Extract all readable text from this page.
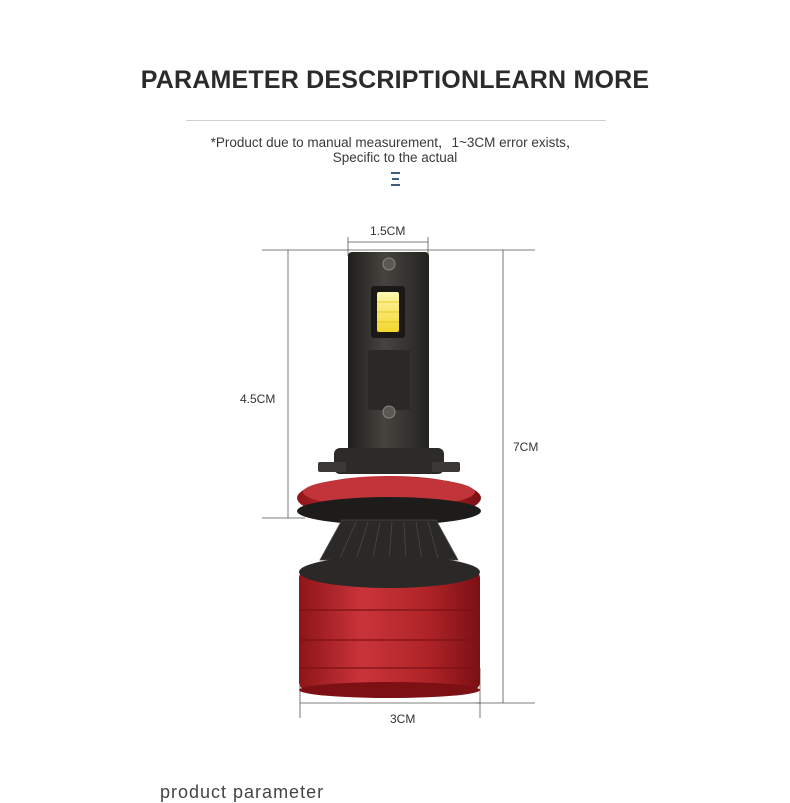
PARAMETER DESCRIPTIONLEARN MORE
*Product due to manual measurement，1~3CM error exists，
Specific to the actual
1.5CM
4.5CM
7CM
3CM
product parameter
